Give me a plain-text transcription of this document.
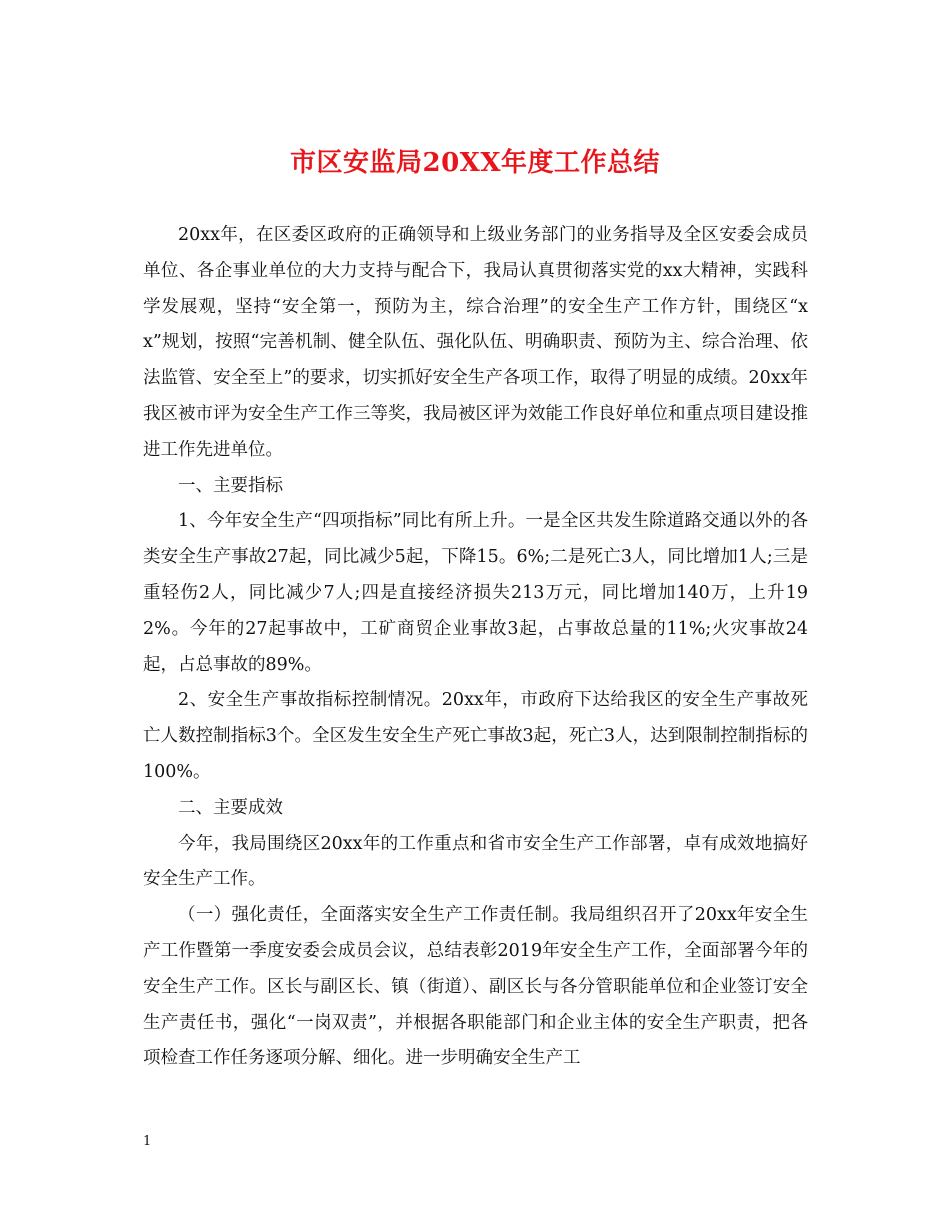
市区安监局20XX年度工作总结

20xx年，在区委区政府的正确领导和上级业务部门的业务指导及全区安委会成员单位、各企事业单位的大力支持与配合下，我局认真贯彻落实党的xx大精神，实践科学发展观，坚持“安全第一，预防为主，综合治理”的安全生产工作方针，围绕区“xx”规划，按照“完善机制、健全队伍、强化队伍、明确职责、预防为主、综合治理、依法监管、安全至上”的要求，切实抓好安全生产各项工作，取得了明显的成绩。20xx年我区被市评为安全生产工作三等奖，我局被区评为效能工作良好单位和重点项目建设推进工作先进单位。

一、主要指标

1、今年安全生产“四项指标”同比有所上升。一是全区共发生除道路交通以外的各类安全生产事故27起，同比减少5起，下降15。6%;二是死亡3人，同比增加1人;三是重轻伤2人，同比减少7人;四是直接经济损失213万元，同比增加140万，上升192%。今年的27起事故中，工矿商贸企业事故3起，占事故总量的11%;火灾事故24起，占总事故的89%。

2、安全生产事故指标控制情况。20xx年，市政府下达给我区的安全生产事故死亡人数控制指标3个。全区发生安全生产死亡事故3起，死亡3人，达到限制控制指标的100%。

二、主要成效

今年，我局围绕区20xx年的工作重点和省市安全生产工作部署，卓有成效地搞好安全生产工作。

（一）强化责任，全面落实安全生产工作责任制。我局组织召开了20xx年安全生产工作暨第一季度安委会成员会议，总结表彰2019年安全生产工作，全面部署今年的安全生产工作。区长与副区长、镇（街道）、副区长与各分管职能单位和企业签订安全生产责任书，强化“一岗双责”，并根据各职能部门和企业主体的安全生产职责，把各项检查工作任务逐项分解、细化。进一步明确安全生产工

1
